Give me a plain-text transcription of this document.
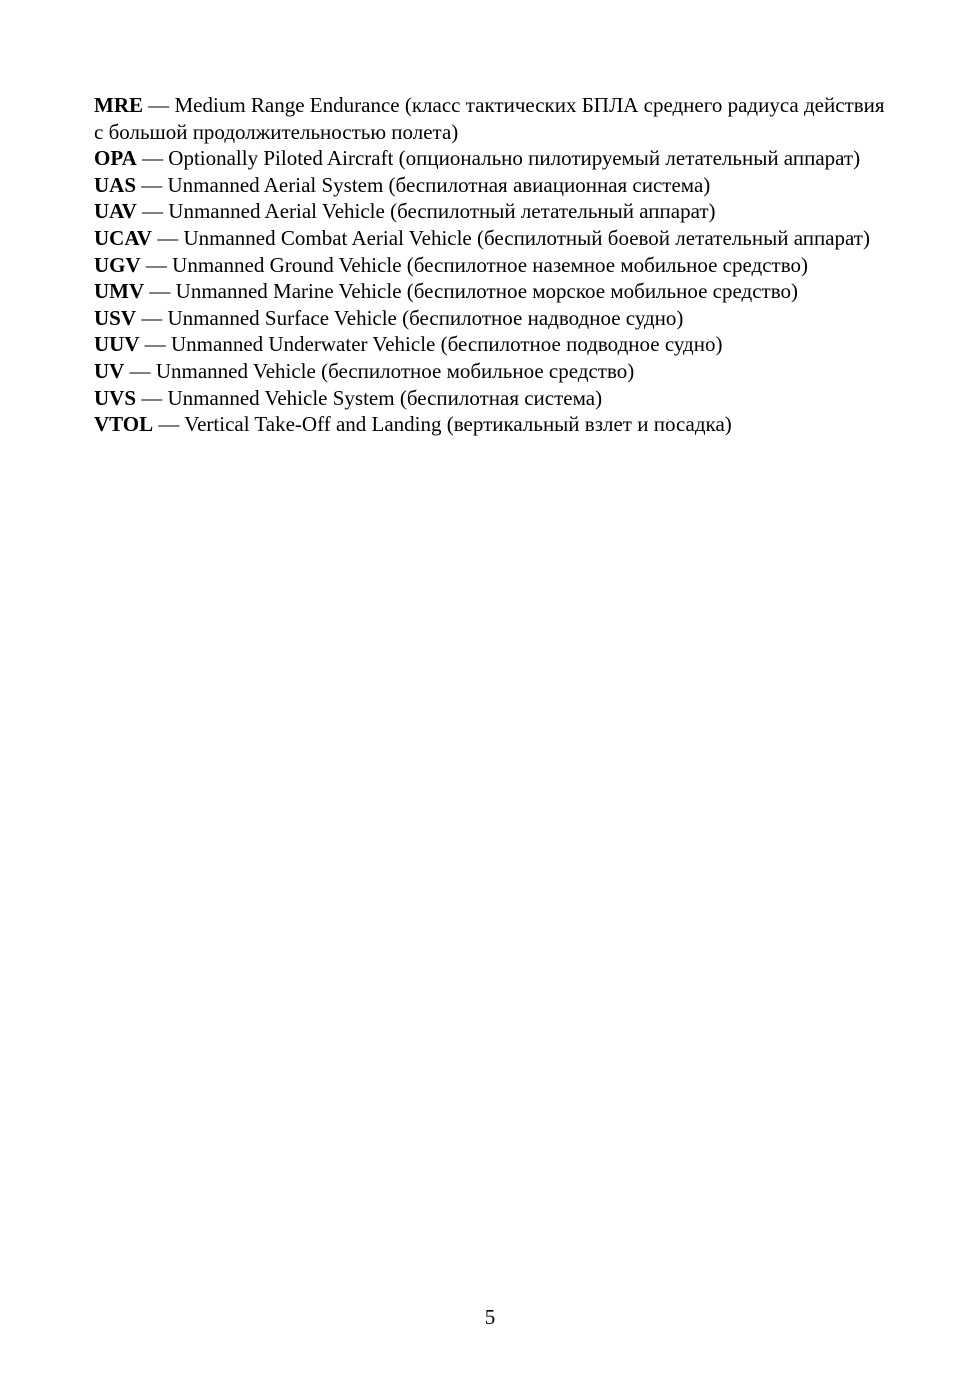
MRE — Medium Range Endurance (класс тактических БПЛА среднего радиуса действия с большой продолжительностью полета)
OPA — Optionally Piloted Aircraft (опционально пилотируемый летательный аппарат)
UAS — Unmanned Aerial System (беспилотная авиационная система)
UAV — Unmanned Aerial Vehicle (беспилотный летательный аппарат)
UCAV — Unmanned Combat Aerial Vehicle (беспилотный боевой летательный аппарат)
UGV — Unmanned Ground Vehicle (беспилотное наземное мобильное средство)
UMV — Unmanned Marine Vehicle (беспилотное морское мобильное средство)
USV — Unmanned Surface Vehicle (беспилотное надводное судно)
UUV — Unmanned Underwater Vehicle (беспилотное подводное судно)
UV — Unmanned Vehicle (беспилотное мобильное средство)
UVS — Unmanned Vehicle System (беспилотная система)
VTOL — Vertical Take-Off and Landing (вертикальный взлет и посадка)
5
